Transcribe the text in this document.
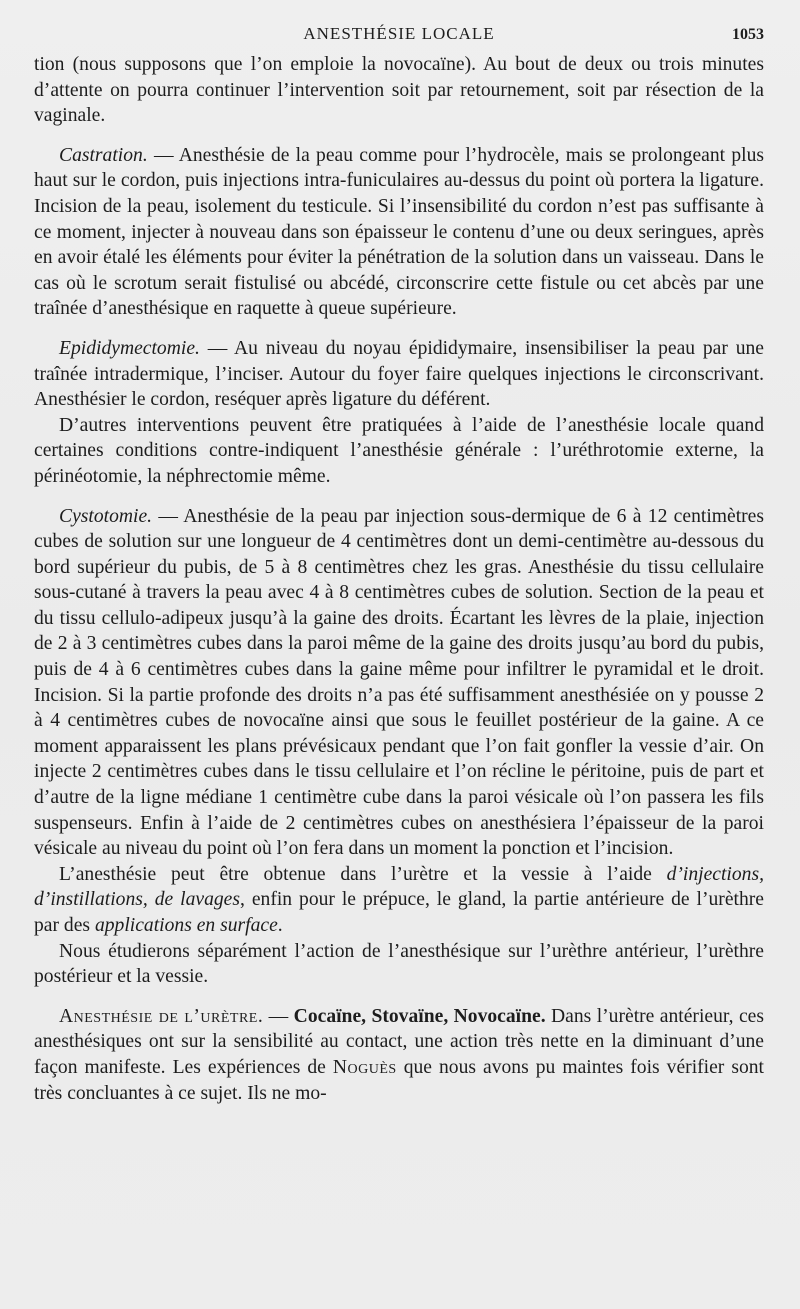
ANESTHÉSIE LOCALE	1053

tion (nous supposons que l’on emploie la novocaïne). Au bout de deux ou trois minutes d’attente on pourra continuer l’intervention soit par retournement, soit par résection de la vaginale.

Castration. — Anesthésie de la peau comme pour l’hydrocèle, mais se prolongeant plus haut sur le cordon, puis injections intra-funiculaires au-dessus du point où portera la ligature. Incision de la peau, isolement du testicule. Si l’insensibilité du cordon n’est pas suffisante à ce moment, injecter à nouveau dans son épaisseur le contenu d’une ou deux seringues, après en avoir étalé les éléments pour éviter la pénétration de la solution dans un vaisseau. Dans le cas où le scrotum serait fistulisé ou abcédé, circonscrire cette fistule ou cet abcès par une traînée d’anesthésique en raquette à queue supérieure.

Epididymectomie. — Au niveau du noyau épididymaire, insensibiliser la peau par une traînée intradermique, l’inciser. Autour du foyer faire quelques injections le circonscrivant. Anesthésier le cordon, reséquer après ligature du déférent.

D’autres interventions peuvent être pratiquées à l’aide de l’anesthésie locale quand certaines conditions contre-indiquent l’anesthésie générale : l’uréthrotomie externe, la périnéotomie, la néphrectomie même.

Cystotomie. — Anesthésie de la peau par injection sous-dermique de 6 à 12 centimètres cubes de solution sur une longueur de 4 centimètres dont un demi-centimètre au-dessous du bord supérieur du pubis, de 5 à 8 centimètres chez les gras. Anesthésie du tissu cellulaire sous-cutané à travers la peau avec 4 à 8 centimètres cubes de solution. Section de la peau et du tissu cellulo-adipeux jusqu’à la gaine des droits. Écartant les lèvres de la plaie, injection de 2 à 3 centimètres cubes dans la paroi même de la gaine des droits jusqu’au bord du pubis, puis de 4 à 6 centimètres cubes dans la gaine même pour infiltrer le pyramidal et le droit. Incision. Si la partie profonde des droits n’a pas été suffisamment anesthésiée on y pousse 2 à 4 centimètres cubes de novocaïne ainsi que sous le feuillet postérieur de la gaine. A ce moment apparaissent les plans prévésicaux pendant que l’on fait gonfler la vessie d’air. On injecte 2 centimètres cubes dans le tissu cellulaire et l’on récline le péritoine, puis de part et d’autre de la ligne médiane 1 centimètre cube dans la paroi vésicale où l’on passera les fils suspenseurs. Enfin à l’aide de 2 centimètres cubes on anesthésiera l’épaisseur de la paroi vésicale au niveau du point où l’on fera dans un moment la ponction et l’incision.

L’anesthésie peut être obtenue dans l’urètre et la vessie à l’aide d’injections, d’instillations, de lavages, enfin pour le prépuce, le gland, la partie antérieure de l’urèthre par des applications en surface.

Nous étudierons séparément l’action de l’anesthésique sur l’urèthre antérieur, l’urèthre postérieur et la vessie.

Anesthésie de l’urètre. — Cocaïne, Stovaïne, Novocaïne. Dans l’urètre antérieur, ces anesthésiques ont sur la sensibilité au contact, une action très nette en la diminuant d’une façon manifeste. Les expériences de Noguès que nous avons pu maintes fois vérifier sont très concluantes à ce sujet. Ils ne mo-
